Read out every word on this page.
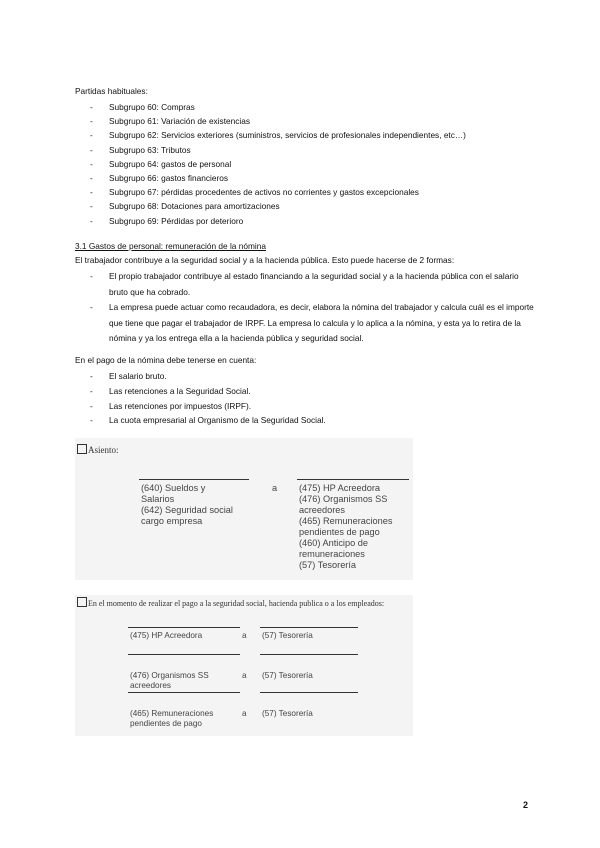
Partidas habituales:
- Subgrupo 60: Compras
- Subgrupo 61: Variación de existencias
- Subgrupo 62: Servicios exteriores (suministros, servicios de profesionales independientes, etc…)
- Subgrupo 63: Tributos
- Subgrupo 64: gastos de personal
- Subgrupo 66: gastos financieros
- Subgrupo 67: pérdidas procedentes de activos no corrientes y gastos excepcionales
- Subgrupo 68: Dotaciones para amortizaciones
- Subgrupo 69: Pérdidas por deterioro
3.1 Gastos de personal: remuneración de la nómina
El trabajador contribuye a la seguridad social y a la hacienda pública. Esto puede hacerse de 2 formas:
- El propio trabajador contribuye al estado financiando a la seguridad social y a la hacienda pública con el salario bruto que ha cobrado.
- La empresa puede actuar como recaudadora, es decir, elabora la nómina del trabajador y calcula cuál es el importe que tiene que pagar el trabajador de IRPF. La empresa lo calcula y lo aplica a la nómina, y esta ya lo retira de la nómina y ya los entrega ella a la hacienda pública y seguridad social.
En el pago de la nómina debe tenerse en cuenta:
- El salario bruto.
- Las retenciones a la Seguridad Social.
- Las retenciones por impuestos (IRPF).
- La cuota empresarial al Organismo de la Seguridad Social.
Asiento:
(640) Sueldos y
Salarios
(642) Seguridad social
cargo empresa
a (475) HP Acreedora
(476) Organismos SS
acreedores
(465) Remuneraciones
pendientes de pago
(460) Anticipo de
remuneraciones
(57) Tesorería
En el momento de realizar el pago a la seguridad social, hacienda publica o a los empleados:
(475) HP Acreedora	a (57) Tesorería
(476) Organismos SS
acreedores
a (57) Tesorería
(465) Remuneraciones
pendientes de pago
a (57) Tesorería
2
